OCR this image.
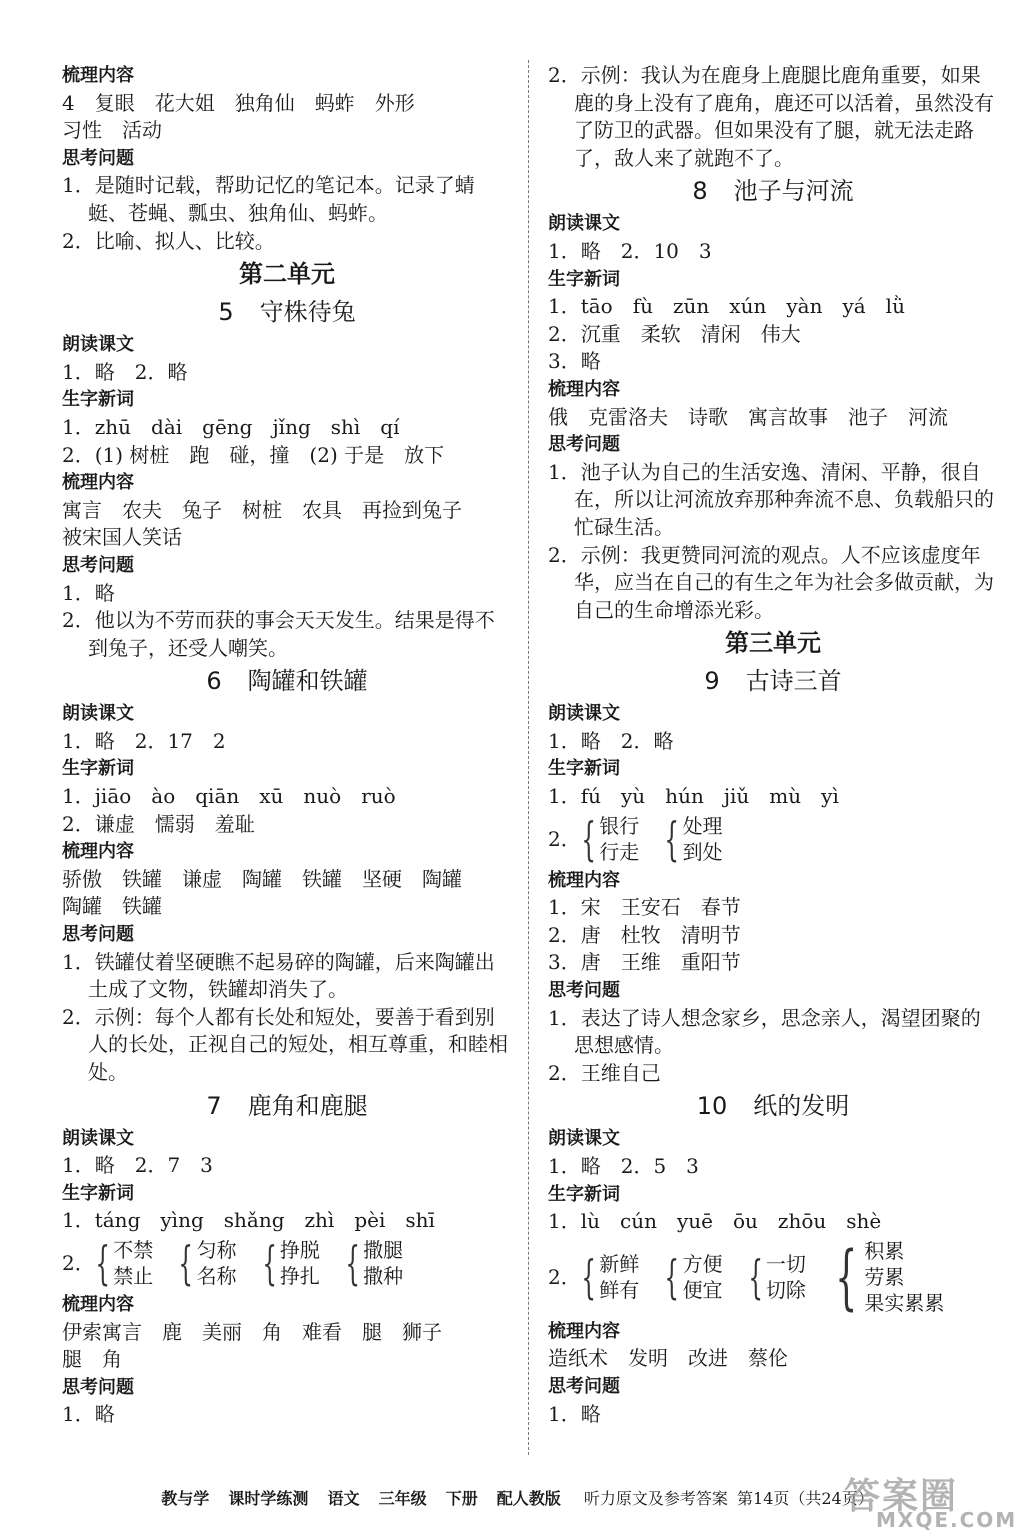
梳理内容
4　复眼　花大姐　独角仙　蚂蚱　外形
习性　活动
思考问题
1．是随时记载，帮助记忆的笔记本。记录了蜻蜓、苍蝇、瓢虫、独角仙、蚂蚱。
2．比喻、拟人、比较。
第二单元
5 守株待兔
朗读课文
1．略　2．略
生字新词
1．zhū　dài　gēng　jǐng　shì　qí
2．(1) 树桩　跑　碰，撞　(2) 于是　放下
梳理内容
寓言　农夫　兔子　树桩　农具　再捡到兔子
被宋国人笑话
思考问题
1．略
2．他以为不劳而获的事会天天发生。结果是得不到兔子，还受人嘲笑。
6 陶罐和铁罐
朗读课文
1．略　2．17　2
生字新词
1．jiāo　ào　qiān　xū　nuò　ruò
2．谦虚　懦弱　羞耻
梳理内容
骄傲　铁罐　谦虚　陶罐　铁罐　坚硬　陶罐
陶罐　铁罐
思考问题
1．铁罐仗着坚硬瞧不起易碎的陶罐，后来陶罐出土成了文物，铁罐却消失了。
2．示例：每个人都有长处和短处，要善于看到别人的长处，正视自己的短处，相互尊重，和睦相处。
7 鹿角和鹿腿
朗读课文
1．略　2．7　3
生字新词
1．táng　yìng　shǎng　zhì　pèi　shī
2． { 不禁
禁止 { 匀称
名称 { 挣脱
挣扎 { 撒腿
撒种
梳理内容
伊索寓言　鹿　美丽　角　难看　腿　狮子
腿　角
思考问题
1．略
2．示例：我认为在鹿身上鹿腿比鹿角重要，如果鹿的身上没有了鹿角，鹿还可以活着，虽然没有了防卫的武器。但如果没有了腿，就无法走路了，敌人来了就跑不了。
8 池子与河流
朗读课文
1．略　2．10　3
生字新词
1．tāo　fù　zūn　xún　yàn　yá　lǜ
2．沉重　柔软　清闲　伟大
3．略
梳理内容
俄　克雷洛夫　诗歌　寓言故事　池子　河流
思考问题
1．池子认为自己的生活安逸、清闲、平静，很自在，所以让河流放弃那种奔流不息、负载船只的忙碌生活。
2．示例：我更赞同河流的观点。人不应该虚度年华，应当在自己的有生之年为社会多做贡献，为自己的生命增添光彩。
第三单元
9 古诗三首
朗读课文
1．略　2．略
生字新词
1．fú　yù　hún　jiǔ　mù　yì
2． { 银行
行走 { 处理
到处
梳理内容
1．宋　王安石　春节
2．唐　杜牧　清明节
3．唐　王维　重阳节
思考问题
1．表达了诗人想念家乡，思念亲人，渴望团聚的思想感情。
2．王维自己
10 纸的发明
朗读课文
1．略　2．5　3
生字新词
1．lù　cún　yuē　ōu　zhōu　shè
2． { 新鲜
鲜有 { 方便
便宜 { 一切
切除 { 积累
劳累
果实累累
梳理内容
造纸术　发明　改进　蔡伦
思考问题
1．略
教与学 课时学练测 语文 三年级 下册 配人教版 听力原文及参考答案 第14页（共24页）
答案圈
MXQE.COM
